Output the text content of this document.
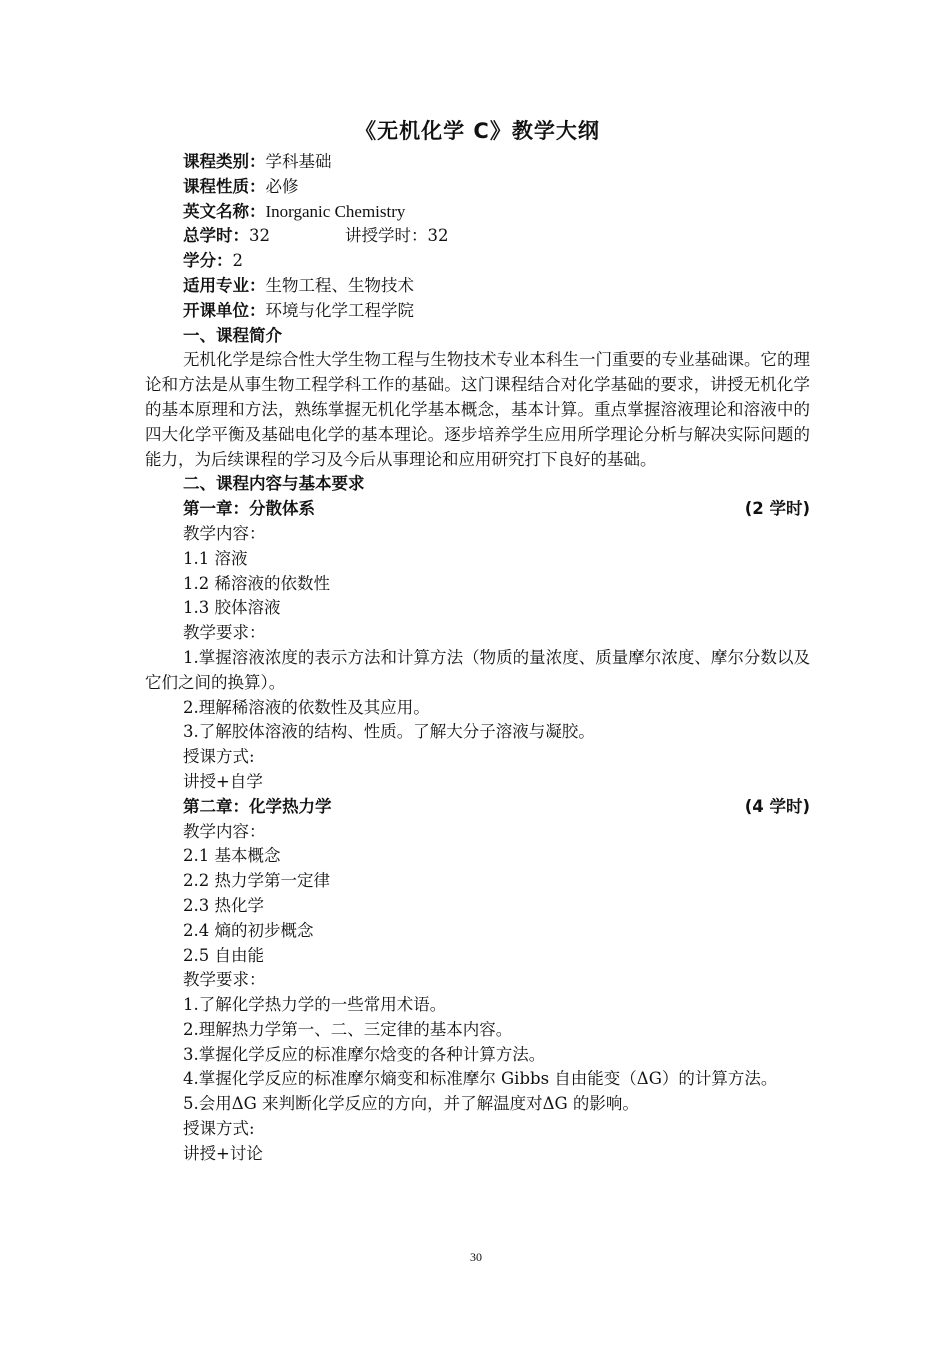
《无机化学 C》教学大纲
课程类别：学科基础
课程性质：必修
英文名称：Inorganic Chemistry
总学时：32	讲授学时：32
学分：2
适用专业：生物工程、生物技术
开课单位：环境与化学工程学院
一、课程简介
无机化学是综合性大学生物工程与生物技术专业本科生一门重要的专业基础课。它的理论和方法是从事生物工程学科工作的基础。这门课程结合对化学基础的要求，讲授无机化学的基本原理和方法，熟练掌握无机化学基本概念，基本计算。重点掌握溶液理论和溶液中的四大化学平衡及基础电化学的基本理论。逐步培养学生应用所学理论分析与解决实际问题的能力，为后续课程的学习及今后从事理论和应用研究打下良好的基础。
二、课程内容与基本要求
第一章：分散体系	(2 学时)
教学内容：
1.1 溶液
1.2 稀溶液的依数性
1.3 胶体溶液
教学要求：
1.掌握溶液浓度的表示方法和计算方法（物质的量浓度、质量摩尔浓度、摩尔分数以及它们之间的换算）。
2.理解稀溶液的依数性及其应用。
3.了解胶体溶液的结构、性质。了解大分子溶液与凝胶。
授课方式:
讲授+自学
第二章：化学热力学	(4 学时)
教学内容：
2.1 基本概念
2.2 热力学第一定律
2.3 热化学
2.4 熵的初步概念
2.5 自由能
教学要求：
1.了解化学热力学的一些常用术语。
2.理解热力学第一、二、三定律的基本内容。
3.掌握化学反应的标准摩尔焓变的各种计算方法。
4.掌握化学反应的标准摩尔熵变和标准摩尔 Gibbs 自由能变（ΔG）的计算方法。
5.会用ΔG 来判断化学反应的方向，并了解温度对ΔG 的影响。
授课方式:
讲授+讨论
30
